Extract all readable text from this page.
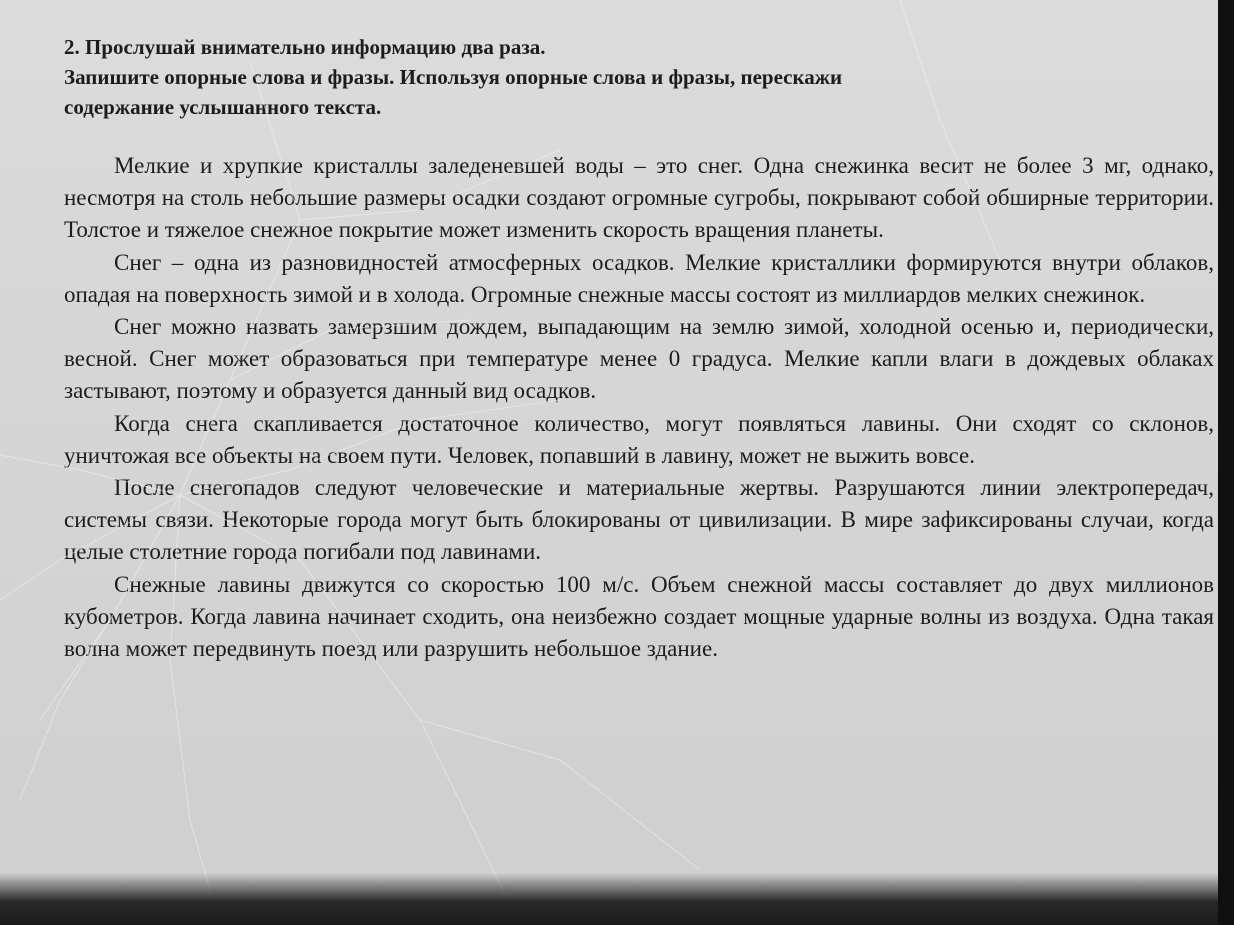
2. Прослушай внимательно информацию два раза.
Запишите опорные слова и фразы. Используя опорные слова и фразы, перескажи
содержание услышанного текста.

Мелкие и хрупкие кристаллы заледеневшей воды – это снег. Одна снежинка весит не более 3 мг, однако, несмотря на столь небольшие размеры осадки создают огромные сугробы, покрывают собой обширные территории. Толстое и тяжелое снежное покрытие может изменить скорость вращения планеты.

Снег – одна из разновидностей атмосферных осадков. Мелкие кристаллики формируются внутри облаков, опадая на поверхность зимой и в холода. Огромные снежные массы состоят из миллиардов мелких снежинок.

Снег можно назвать замерзшим дождем, выпадающим на землю зимой, холодной осенью и, периодически, весной. Снег может образоваться при температуре менее 0 градуса. Мелкие капли влаги в дождевых облаках застывают, поэтому и образуется данный вид осадков.

Когда снега скапливается достаточное количество, могут появляться лавины. Они сходят со склонов, уничтожая все объекты на своем пути. Человек, попавший в лавину, может не выжить вовсе.

После снегопадов следуют человеческие и материальные жертвы. Разрушаются линии электропередач, системы связи. Некоторые города могут быть блокированы от цивилизации. В мире зафиксированы случаи, когда целые столетние города погибали под лавинами.

Снежные лавины движутся со скоростью 100 м/с. Объем снежной массы составляет до двух миллионов кубометров. Когда лавина начинает сходить, она неизбежно создает мощные ударные волны из воздуха. Одна такая волна может передвинуть поезд или разрушить небольшое здание.
